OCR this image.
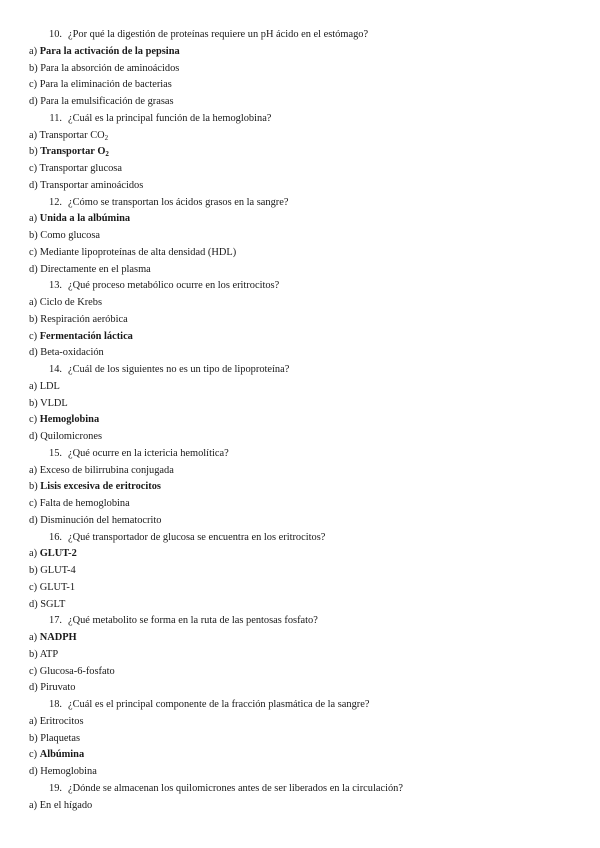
10. ¿Por qué la digestión de proteínas requiere un pH ácido en el estómago?
a) Para la activación de la pepsina
b) Para la absorción de aminoácidos
c) Para la eliminación de bacterias
d) Para la emulsificación de grasas
11. ¿Cuál es la principal función de la hemoglobina?
a) Transportar $CO_2$
b) Transportar $O_2$
c) Transportar glucosa
d) Transportar aminoácidos
12. ¿Cómo se transportan los ácidos grasos en la sangre?
a) Unida a la albúmina
b) Como glucosa
c) Mediante lipoproteínas de alta densidad (HDL)
d) Directamente en el plasma
13. ¿Qué proceso metabólico ocurre en los eritrocitos?
a) Ciclo de Krebs
b) Respiración aeróbica
c) Fermentación láctica
d) Beta-oxidación
14. ¿Cuál de los siguientes no es un tipo de lipoproteína?
a) LDL
b) VLDL
c) Hemoglobina
d) Quilomicrones
15. ¿Qué ocurre en la ictericia hemolítica?
a) Exceso de bilirrubina conjugada
b) Lisis excesiva de eritrocitos
c) Falta de hemoglobina
d) Disminución del hematocrito
16. ¿Qué transportador de glucosa se encuentra en los eritrocitos?
a) GLUT-2
b) GLUT-4
c) GLUT-1
d) SGLT
17. ¿Qué metabolito se forma en la ruta de las pentosas fosfato?
a) NADPH
b) ATP
c) Glucosa-6-fosfato
d) Piruvato
18. ¿Cuál es el principal componente de la fracción plasmática de la sangre?
a) Eritrocitos
b) Plaquetas
c) Albúmina
d) Hemoglobina
19. ¿Dónde se almacenan los quilomicrones antes de ser liberados en la circulación?
a) En el hígado
